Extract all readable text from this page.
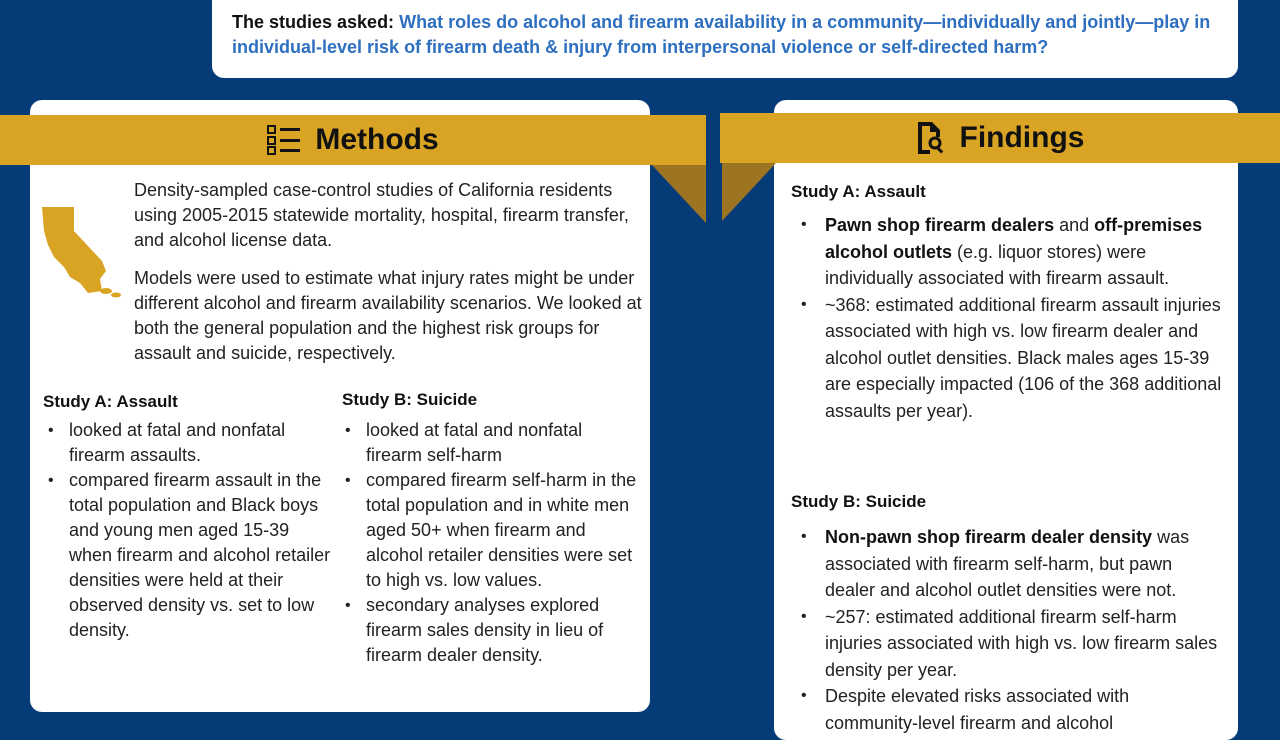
The studies asked: What roles do alcohol and firearm availability in a community—individually and jointly—play in individual-level risk of firearm death & injury from interpersonal violence or self-directed harm?

Density-sampled case-control studies of California residents using 2005-2015 statewide mortality, hospital, firearm transfer, and alcohol license data.

Models were used to estimate what injury rates might be under different alcohol and firearm availability scenarios. We looked at both the general population and the highest risk groups for assault and suicide, respectively.

Study A: Assault

• looked at fatal and nonfatal firearm assaults.
• compared firearm assault in the total population and Black boys and young men aged 15-39 when firearm and alcohol retailer densities were held at their observed density vs. set to low density.

Study B: Suicide

• looked at fatal and nonfatal firearm self-harm
• compared firearm self-harm in the total population and in white men aged 50+ when firearm and alcohol retailer densities were set to high vs. low values.
• secondary analyses explored firearm sales density in lieu of firearm dealer density.

Study A: Assault

• Pawn shop firearm dealers and off-premises alcohol outlets (e.g. liquor stores) were individually associated with firearm assault.
• ~368: estimated additional firearm assault injuries associated with high vs. low firearm dealer and alcohol outlet densities. Black males ages 15-39 are especially impacted (106 of the 368 additional assaults per year).

Study B: Suicide

• Non-pawn shop firearm dealer density was associated with firearm self-harm, but pawn dealer and alcohol outlet densities were not.
• ~257: estimated additional firearm self-harm injuries associated with high vs. low firearm sales density per year.
• Despite elevated risks associated with community-level firearm and alcohol
Methods	Findings
